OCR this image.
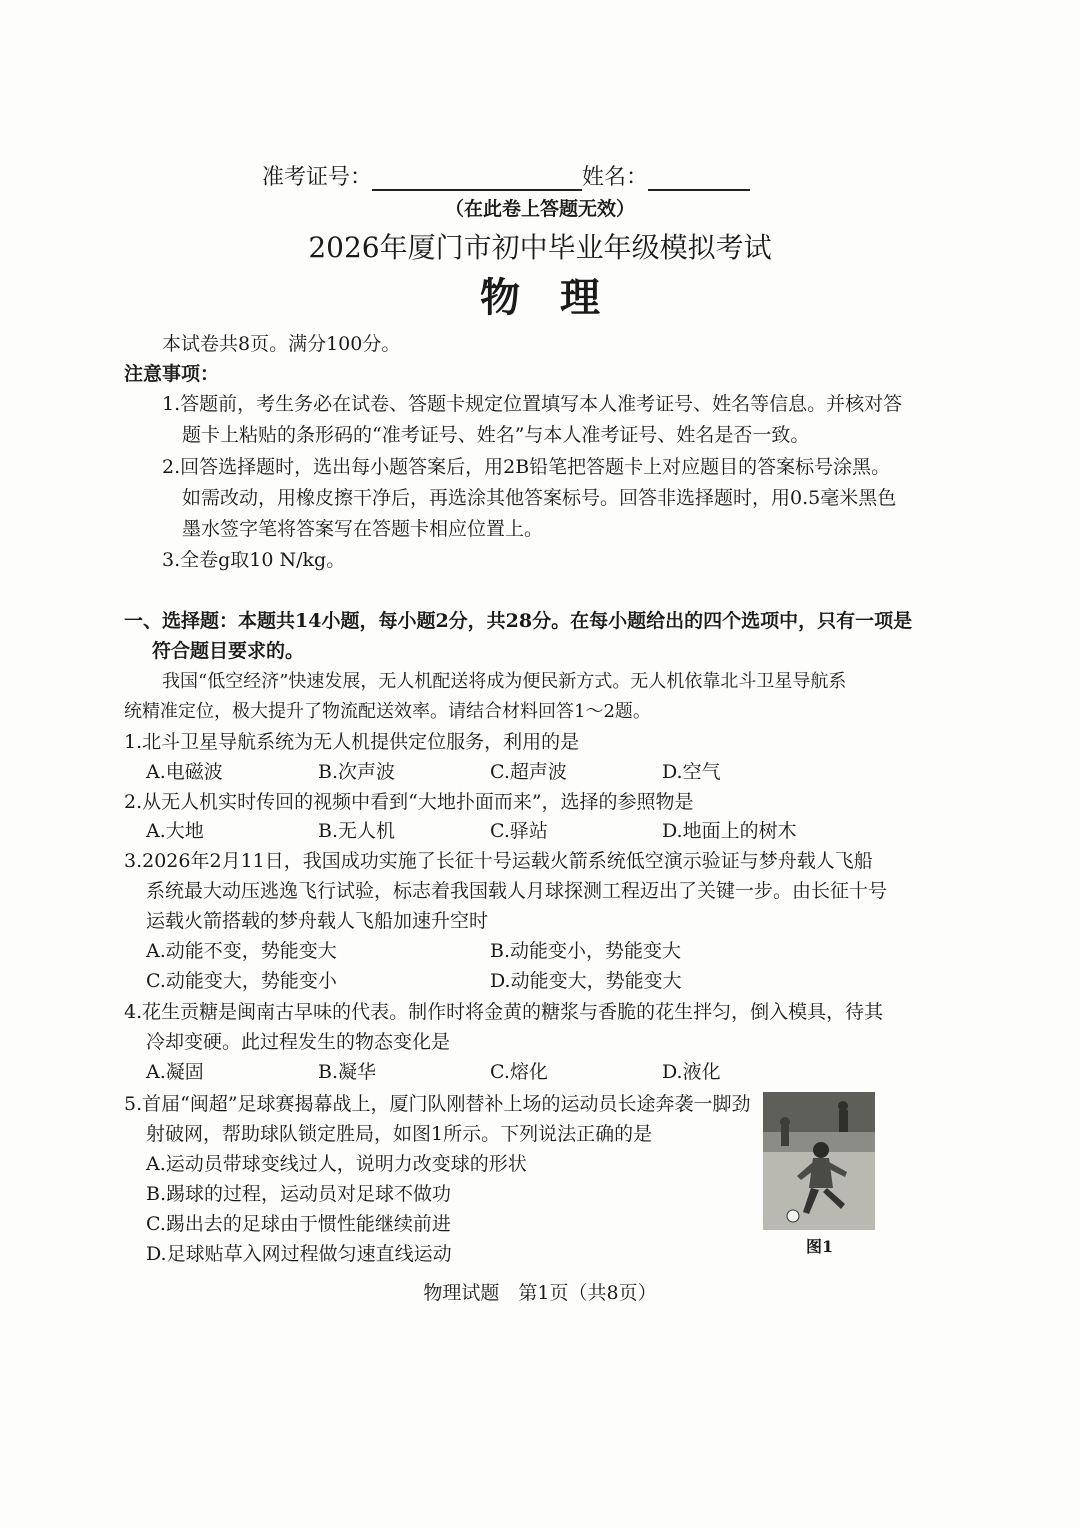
准考证号：	姓名：
（在此卷上答题无效）
2026年厦门市初中毕业年级模拟考试
物理
本试卷共8页。满分100分。
注意事项：
1.答题前，考生务必在试卷、答题卡规定位置填写本人准考证号、姓名等信息。并核对答
题卡上粘贴的条形码的“准考证号、姓名”与本人准考证号、姓名是否一致。
2.回答选择题时，选出每小题答案后，用2B铅笔把答题卡上对应题目的答案标号涂黑。
如需改动，用橡皮擦干净后，再选涂其他答案标号。回答非选择题时，用0.5毫米黑色
墨水签字笔将答案写在答题卡相应位置上。
3.全卷g取10 N/kg。
一、选择题：本题共14小题，每小题2分，共28分。在每小题给出的四个选项中，只有一项是
符合题目要求的。
我国“低空经济”快速发展，无人机配送将成为便民新方式。无人机依靠北斗卫星导航系
统精准定位，极大提升了物流配送效率。请结合材料回答1～2题。
1.北斗卫星导航系统为无人机提供定位服务，利用的是
A.电磁波	B.次声波	C.超声波	D.空气
2.从无人机实时传回的视频中看到“大地扑面而来”，选择的参照物是
A.大地	B.无人机	C.驿站	D.地面上的树木
3.2026年2月11日，我国成功实施了长征十号运载火箭系统低空演示验证与梦舟载人飞船
系统最大动压逃逸飞行试验，标志着我国载人月球探测工程迈出了关键一步。由长征十号
运载火箭搭载的梦舟载人飞船加速升空时
A.动能不变，势能变大	B.动能变小，势能变大
C.动能变大，势能变小	D.动能变大，势能变大
4.花生贡糖是闽南古早味的代表。制作时将金黄的糖浆与香脆的花生拌匀，倒入模具，待其
冷却变硬。此过程发生的物态变化是
A.凝固	B.凝华	C.熔化	D.液化
5.首届“闽超”足球赛揭幕战上，厦门队刚替补上场的运动员长途奔袭一脚劲
射破网，帮助球队锁定胜局，如图1所示。下列说法正确的是
A.运动员带球变线过人，说明力改变球的形状
B.踢球的过程，运动员对足球不做功
C.踢出去的足球由于惯性能继续前进
D.足球贴草入网过程做匀速直线运动	图1
物理试题　第1页（共8页）
